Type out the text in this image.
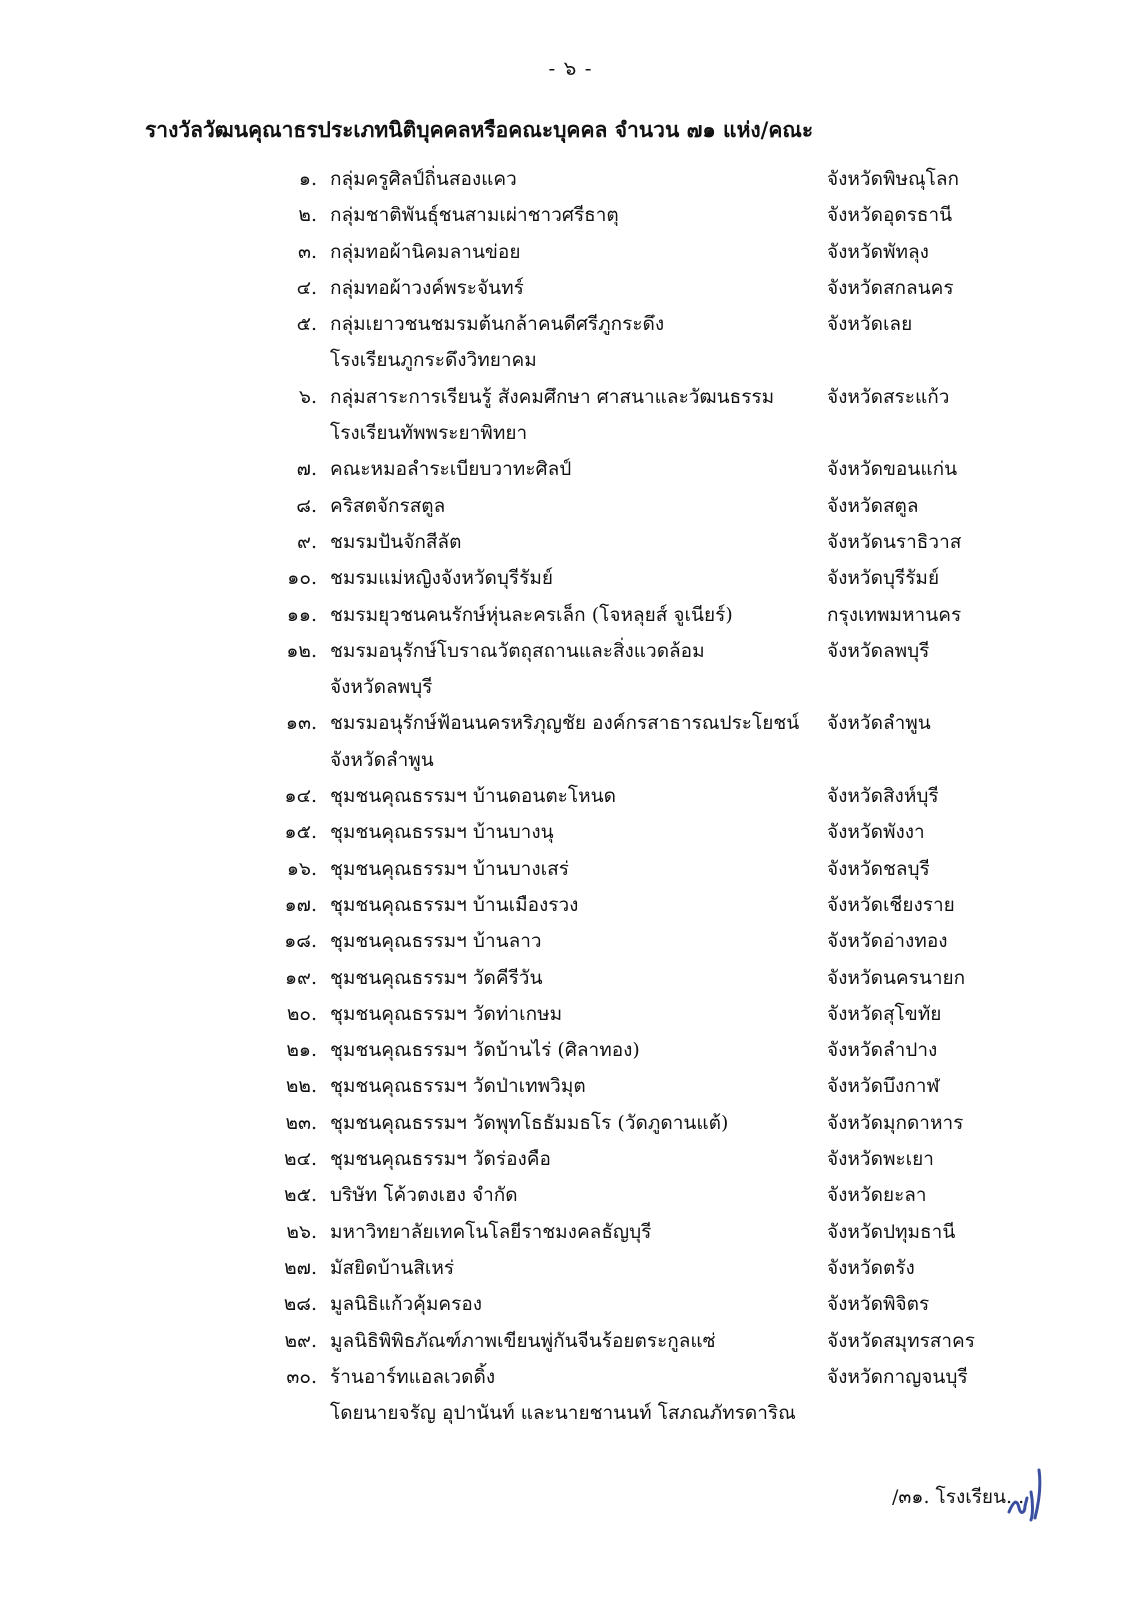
- ๖ -
รางวัลวัฒนคุณาธรประเภทนิติบุคคลหรือคณะบุคคล จำนวน ๗๑ แห่ง/คณะ
๑. กลุ่มครูศิลป์ถิ่นสองแคว	จังหวัดพิษณุโลก
๒. กลุ่มชาติพันธุ์ชนสามเผ่าชาวศรีธาตุ	จังหวัดอุดรธานี
๓. กลุ่มทอผ้านิคมลานข่อย	จังหวัดพัทลุง
๔. กลุ่มทอผ้าวงค์พระจันทร์	จังหวัดสกลนคร
๕. กลุ่มเยาวชนชมรมต้นกล้าคนดีศรีภูกระดึง	จังหวัดเลย
โรงเรียนภูกระดึงวิทยาคม
๖. กลุ่มสาระการเรียนรู้ สังคมศึกษา ศาสนาและวัฒนธรรม	จังหวัดสระแก้ว
โรงเรียนทัพพระยาพิทยา
๗. คณะหมอลำระเบียบวาทะศิลป์	จังหวัดขอนแก่น
๘. คริสตจักรสตูล	จังหวัดสตูล
๙. ชมรมปันจักสีลัต	จังหวัดนราธิวาส
๑๐. ชมรมแม่หญิงจังหวัดบุรีรัมย์	จังหวัดบุรีรัมย์
๑๑. ชมรมยุวชนคนรักษ์หุ่นละครเล็ก (โจหลุยส์ จูเนียร์)	กรุงเทพมหานคร
๑๒. ชมรมอนุรักษ์โบราณวัตถุสถานและสิ่งแวดล้อม	จังหวัดลพบุรี
จังหวัดลพบุรี
๑๓. ชมรมอนุรักษ์ฟ้อนนครหริภุญชัย องค์กรสาธารณประโยชน์ จังหวัดลำพูน
จังหวัดลำพูน
๑๔. ชุมชนคุณธรรมฯ บ้านดอนตะโหนด	จังหวัดสิงห์บุรี
๑๕. ชุมชนคุณธรรมฯ บ้านบางนุ	จังหวัดพังงา
๑๖. ชุมชนคุณธรรมฯ บ้านบางเสร่	จังหวัดชลบุรี
๑๗. ชุมชนคุณธรรมฯ บ้านเมืองรวง	จังหวัดเชียงราย
๑๘. ชุมชนคุณธรรมฯ บ้านลาว	จังหวัดอ่างทอง
๑๙. ชุมชนคุณธรรมฯ วัดคีรีวัน	จังหวัดนครนายก
๒๐. ชุมชนคุณธรรมฯ วัดท่าเกษม	จังหวัดสุโขทัย
๒๑. ชุมชนคุณธรรมฯ วัดบ้านไร่ (ศิลาทอง)	จังหวัดลำปาง
๒๒. ชุมชนคุณธรรมฯ วัดป่าเทพวิมุต	จังหวัดบึงกาฬ
๒๓. ชุมชนคุณธรรมฯ วัดพุทโธธัมมธโร (วัดภูดานแต้)	จังหวัดมุกดาหาร
๒๔. ชุมชนคุณธรรมฯ วัดร่องคือ	จังหวัดพะเยา
๒๕. บริษัท โค้วตงเฮง จำกัด	จังหวัดยะลา
๒๖. มหาวิทยาลัยเทคโนโลยีราชมงคลธัญบุรี	จังหวัดปทุมธานี
๒๗. มัสยิดบ้านสิเหร่	จังหวัดตรัง
๒๘. มูลนิธิแก้วคุ้มครอง	จังหวัดพิจิตร
๒๙. มูลนิธิพิพิธภัณฑ์ภาพเขียนพู่กันจีนร้อยตระกูลแซ่	จังหวัดสมุทรสาคร
๓๐. ร้านอาร์ทแอลเวดดิ้ง	จังหวัดกาญจนบุรี
โดยนายจรัญ อุปานันท์ และนายชานนท์ โสภณภัทรดาริณ
/๓๑. โรงเรียน...
